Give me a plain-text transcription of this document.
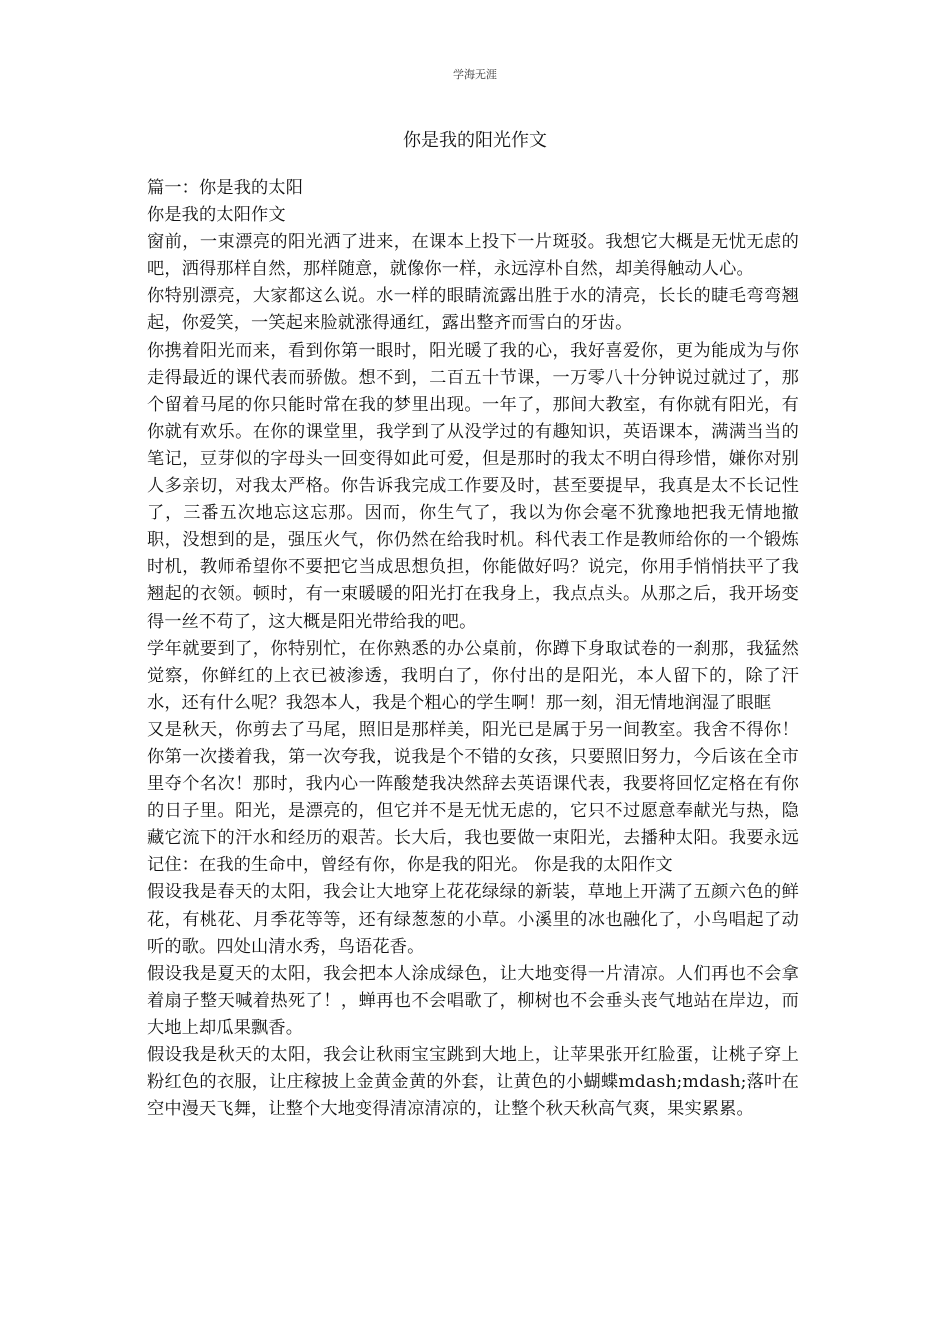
学海无涯
你是我的阳光作文

篇一：你是我的太阳

你是我的太阳作文

窗前，一束漂亮的阳光洒了进来，在课本上投下一片斑驳。我想它大概是无忧无虑的吧，洒得那样自然，那样随意，就像你一样，永远淳朴自然，却美得触动人心。

你特别漂亮，大家都这么说。水一样的眼睛流露出胜于水的清亮，长长的睫毛弯弯翘起，你爱笑，一笑起来脸就涨得通红，露出整齐而雪白的牙齿。

你携着阳光而来，看到你第一眼时，阳光暖了我的心，我好喜爱你，更为能成为与你走得最近的课代表而骄傲。想不到，二百五十节课，一万零八十分钟说过就过了，那个留着马尾的你只能时常在我的梦里出现。一年了，那间大教室，有你就有阳光，有你就有欢乐。在你的课堂里，我学到了从没学过的有趣知识，英语课本，满满当当的笔记，豆芽似的字母头一回变得如此可爱，但是那时的我太不明白得珍惜，嫌你对别人多亲切，对我太严格。你告诉我完成工作要及时，甚至要提早，我真是太不长记性了，三番五次地忘这忘那。因而，你生气了，我以为你会毫不犹豫地把我无情地撤职，没想到的是，强压火气，你仍然在给我时机。科代表工作是教师给你的一个锻炼时机，教师希望你不要把它当成思想负担，你能做好吗？说完，你用手悄悄扶平了我翘起的衣领。顿时，有一束暖暖的阳光打在我身上，我点点头。从那之后，我开场变得一丝不苟了，这大概是阳光带给我的吧。

学年就要到了，你特别忙，在你熟悉的办公桌前，你蹲下身取试卷的一刹那，我猛然觉察，你鲜红的上衣已被渗透，我明白了，你付出的是阳光，本人留下的，除了汗水，还有什么呢？我怨本人，我是个粗心的学生啊！那一刻，泪无情地润湿了眼眶

又是秋天，你剪去了马尾，照旧是那样美，阳光已是属于另一间教室。我舍不得你！你第一次搂着我，第一次夸我，说我是个不错的女孩，只要照旧努力，今后该在全市里夺个名次！那时，我内心一阵酸楚我决然辞去英语课代表，我要将回忆定格在有你的日子里。阳光，是漂亮的，但它并不是无忧无虑的，它只不过愿意奉献光与热，隐藏它流下的汗水和经历的艰苦。长大后，我也要做一束阳光，去播种太阳。我要永远记住：在我的生命中，曾经有你，你是我的阳光。 你是我的太阳作文

假设我是春天的太阳，我会让大地穿上花花绿绿的新装，草地上开满了五颜六色的鲜花，有桃花、月季花等等，还有绿葱葱的小草。小溪里的冰也融化了，小鸟唱起了动听的歌。四处山清水秀，鸟语花香。

假设我是夏天的太阳，我会把本人涂成绿色，让大地变得一片清凉。人们再也不会拿着扇子整天喊着热死了！，蝉再也不会唱歌了，柳树也不会垂头丧气地站在岸边，而大地上却瓜果飘香。

假设我是秋天的太阳，我会让秋雨宝宝跳到大地上，让苹果张开红脸蛋，让桃子穿上粉红色的衣服，让庄稼披上金黄金黄的外套，让黄色的小蝴蝶mdash;mdash;落叶在空中漫天飞舞，让整个大地变得清凉清凉的，让整个秋天秋高气爽，果实累累。
